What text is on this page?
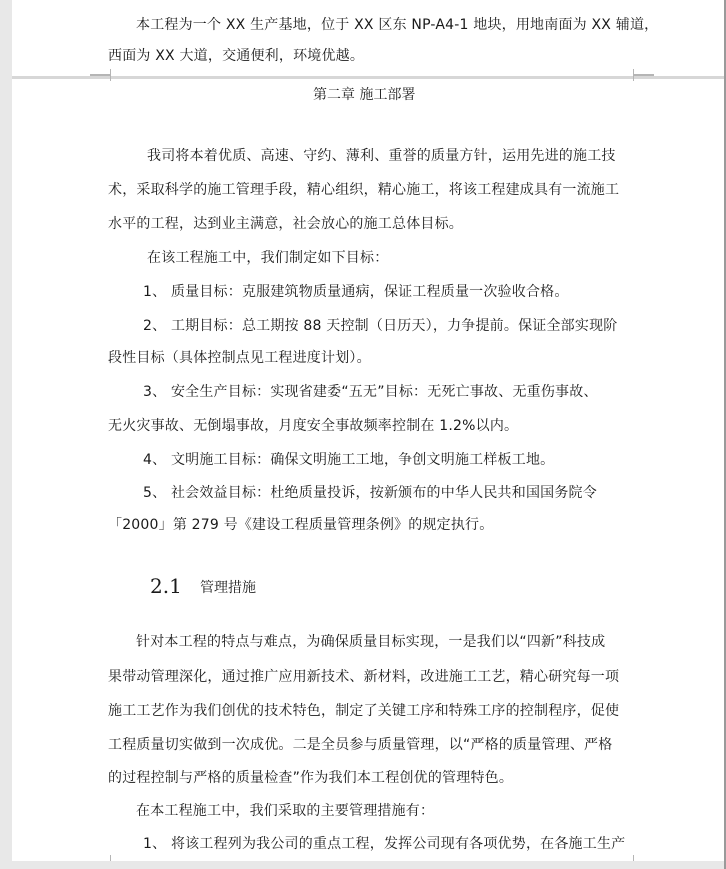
本工程为一个 XX 生产基地，位于 XX 区东 NP-A4-1 地块，用地南面为 XX 辅道，
西面为 XX 大道，交通便利，环境优越。
第二章 施工部署
我司将本着优质、高速、守约、薄利、重誉的质量方针，运用先进的施工技
术，采取科学的施工管理手段，精心组织，精心施工，将该工程建成具有一流施工
水平的工程，达到业主满意，社会放心的施工总体目标。
在该工程施工中，我们制定如下目标：
1、 质量目标：克服建筑物质量通病，保证工程质量一次验收合格。
2、 工期目标：总工期按 88 天控制（日历天），力争提前。保证全部实现阶
段性目标（具体控制点见工程进度计划）。
3、 安全生产目标：实现省建委“五无”目标：无死亡事故、无重伤事故、
无火灾事故、无倒塌事故，月度安全事故频率控制在 1.2%以内。
4、 文明施工目标：确保文明施工工地，争创文明施工样板工地。
5、 社会效益目标：杜绝质量投诉，按新颁布的中华人民共和国国务院令
「2000」第 279 号《建设工程质量管理条例》的规定执行。
2.1 管理措施
针对本工程的特点与难点，为确保质量目标实现，一是我们以“四新”科技成
果带动管理深化，通过推广应用新技术、新材料，改进施工工艺，精心研究每一项
施工工艺作为我们创优的技术特色，制定了关键工序和特殊工序的控制程序，促使
工程质量切实做到一次成优。二是全员参与质量管理，以“严格的质量管理、严格
的过程控制与严格的质量检查”作为我们本工程创优的管理特色。
在本工程施工中，我们采取的主要管理措施有：
1、 将该工程列为我公司的重点工程，发挥公司现有各项优势，在各施工生产
